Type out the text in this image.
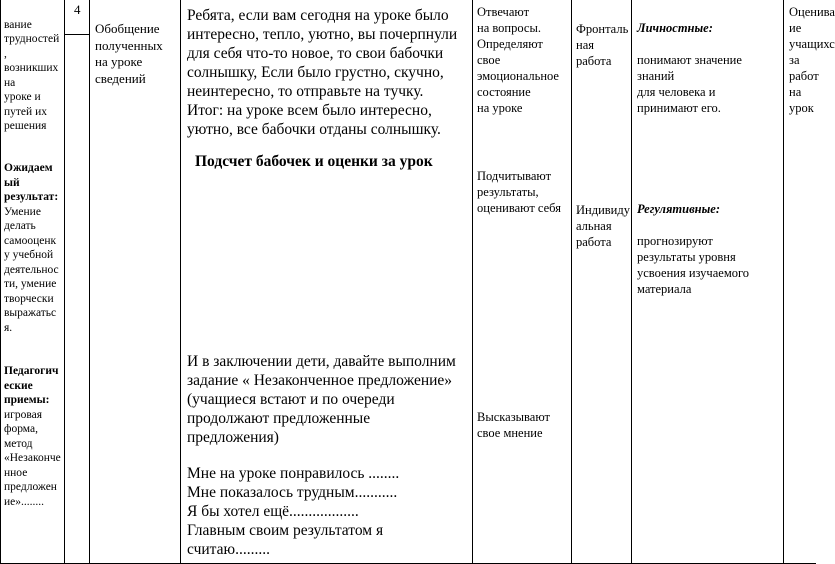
вание
трудностей
,
возникших
на
уроке и
путей их
решения

Ожидаем
ый
результат:
Умение
делать
самооценк
у учебной
деятельнос
ти, умение
творчески
выражатьс
я.

Педагогич
еские
приемы:
игровая
форма,
метод
«Незаконче
нное
предложен
ие»........

4
Обобщение
полученных
на уроке
сведений
Ребята, если вам сегодня на уроке было
интересно, тепло, уютно, вы почерпнули
для себя что-то новое, то свои бабочки
солнышку, Если было грустно, скучно,
неинтересно, то отправьте на тучку.
Итог: на уроке всем было интересно,
уютно, все бабочки отданы солнышку.
Подсчет бабочек и оценки за урок
И в заключении дети, давайте выполним
задание « Незаконченное предложение»
(учащиеся встают и по очереди
продолжают предложенные
предложения)
Мне на уроке понравилось ........
Мне показалось трудным...........
Я бы хотел ещё..................
Главным своим результатом я
считаю.........
Отвечают
на вопросы.
Определяют
свое
эмоциональное
состояние
на уроке
Подчитывают
результаты,
оценивают себя
Высказывают
свое мнение
Фронталь
ная
работа
Индивиду
альная
работа

Личностные:

понимают значение
знаний
для человека и
принимают его.

Регулятивные:

прогнозируют
результаты уровня
усвоения изучаемого
материала

Оценива
ие
учащихс
за работ
на урок
